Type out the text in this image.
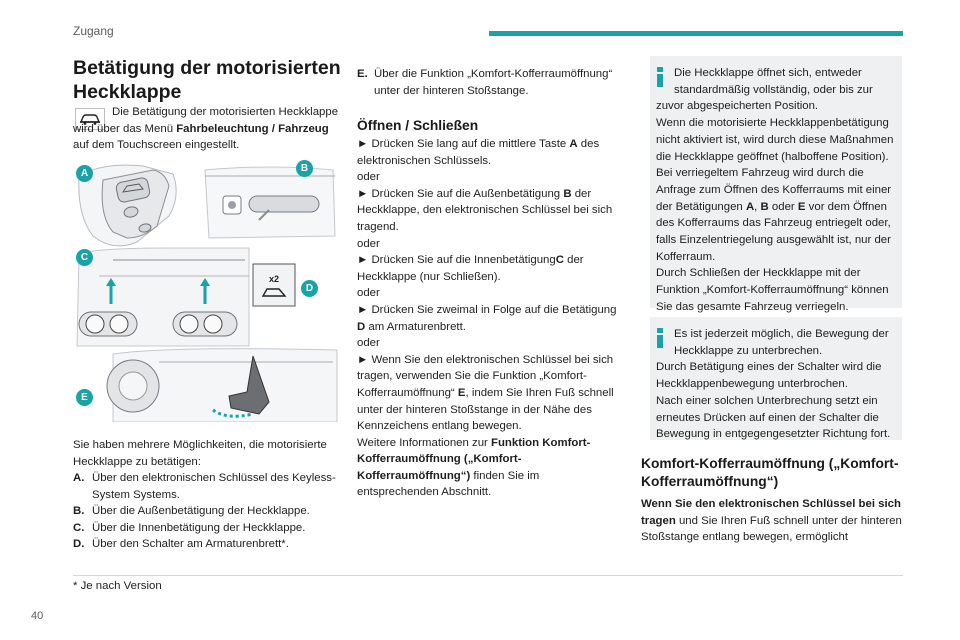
Zugang
Betätigung der motorisierten Heckklappe
Die Betätigung der motorisierten Heckklappe wird über das Menü Fahrbeleuchtung / Fahrzeug auf dem Touchscreen eingestellt.
x2
A	B
C
D
E
Sie haben mehrere Möglichkeiten, die motorisierte Heckklappe zu betätigen:
A. Über den elektronischen Schlüssel des Keyless-System Systems.
B. Über die Außenbetätigung der Heckklappe.
C. Über die Innenbetätigung der Heckklappe.
D. Über den Schalter am Armaturenbrett*.
* Je nach Version
40
E. Über die Funktion „Komfort-Kofferraumöffnung“ unter der hinteren Stoßstange.
Öffnen / Schließen

► Drücken Sie lang auf die mittlere Taste A des elektronischen Schlüssels.

oder

► Drücken Sie auf die Außenbetätigung B der Heckklappe, den elektronischen Schlüssel bei sich tragend.

oder

► Drücken Sie auf die InnenbetätigungC der Heckklappe (nur Schließen).

oder

► Drücken Sie zweimal in Folge auf die Betätigung D am Armaturenbrett.

oder

► Wenn Sie den elektronischen Schlüssel bei sich tragen, verwenden Sie die Funktion „Komfort-Kofferraumöffnung“ E, indem Sie Ihren Fuß schnell unter der hinteren Stoßstange in der Nähe des Kennzeichens entlang bewegen.

Weitere Informationen zur Funktion Komfort-Kofferraumöffnung („Komfort-Kofferraumöffnung“) finden Sie im entsprechenden Abschnitt.

Die Heckklappe öffnet sich, entweder standardmäßig vollständig, oder bis zur zuvor abgespeicherten Position.

Wenn die motorisierte Heckklappenbetätigung nicht aktiviert ist, wird durch diese Maßnahmen die Heckklappe geöffnet (halboffene Position).

Bei verriegeltem Fahrzeug wird durch die Anfrage zum Öffnen des Kofferraums mit einer der Betätigungen A, B oder E vor dem Öffnen des Kofferraums das Fahrzeug entriegelt oder, falls Einzelentriegelung ausgewählt ist, nur der Kofferraum.

Durch Schließen der Heckklappe mit der Funktion „Komfort-Kofferraumöffnung“ können Sie das gesamte Fahrzeug verriegeln.

Es ist jederzeit möglich, die Bewegung der Heckklappe zu unterbrechen.

Durch Betätigung eines der Schalter wird die Heckklappenbewegung unterbrochen.

Nach einer solchen Unterbrechung setzt ein erneutes Drücken auf einen der Schalter die Bewegung in entgegengesetzter Richtung fort.

Komfort-Kofferraumöffnung („Komfort-Kofferraumöffnung“)
Wenn Sie den elektronischen Schlüssel bei sich tragen und Sie Ihren Fuß schnell unter der hinteren Stoßstange entlang bewegen, ermöglicht
